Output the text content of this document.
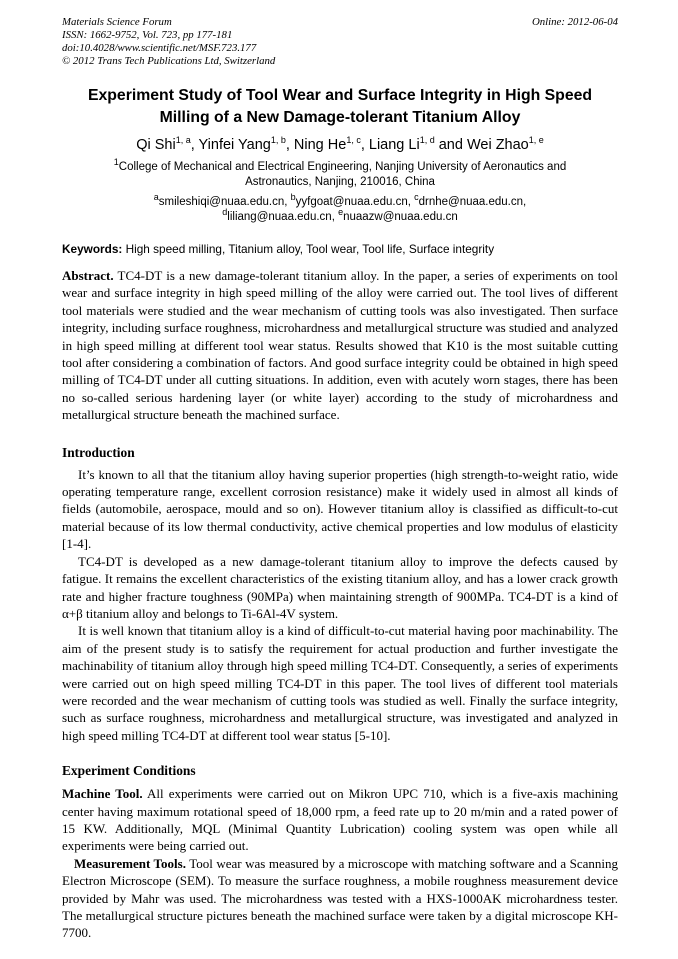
Materials Science Forum
ISSN: 1662-9752, Vol. 723, pp 177-181
doi:10.4028/www.scientific.net/MSF.723.177
© 2012 Trans Tech Publications Ltd, Switzerland
Online: 2012-06-04
Experiment Study of Tool Wear and Surface Integrity in High Speed Milling of a New Damage-tolerant Titanium Alloy
Qi Shi$^{1, a}$, Yinfei Yang$^{1, b}$, Ning He$^{1, c}$, Liang Li$^{1, d}$ and Wei Zhao$^{1, e}$
$^1$College of Mechanical and Electrical Engineering, Nanjing University of Aeronautics and Astronautics, Nanjing, 210016, China
$^a$smileshiqi@nuaa.edu.cn, $^b$yyfgoat@nuaa.edu.cn, $^c$drnhe@nuaa.edu.cn,
$^d$liliang@nuaa.edu.cn, $^e$nuaazw@nuaa.edu.cn
Keywords: High speed milling, Titanium alloy, Tool wear, Tool life, Surface integrity

Abstract. TC4-DT is a new damage-tolerant titanium alloy. In the paper, a series of experiments on tool wear and surface integrity in high speed milling of the alloy were carried out. The tool lives of different tool materials were studied and the wear mechanism of cutting tools was also investigated. Then surface integrity, including surface roughness, microhardness and metallurgical structure was studied and analyzed in high speed milling at different tool wear status. Results showed that K10 is the most suitable cutting tool after considering a combination of factors. And good surface integrity could be obtained in high speed milling of TC4-DT under all cutting situations. In addition, even with acutely worn stages, there has been no so-called serious hardening layer (or white layer) according to the study of microhardness and metallurgical structure beneath the machined surface.

Introduction

It’s known to all that the titanium alloy having superior properties (high strength-to-weight ratio, wide operating temperature range, excellent corrosion resistance) make it widely used in almost all kinds of fields (automobile, aerospace, mould and so on). However titanium alloy is classified as difficult-to-cut material because of its low thermal conductivity, active chemical properties and low modulus of elasticity [1-4].

TC4-DT is developed as a new damage-tolerant titanium alloy to improve the defects caused by fatigue. It remains the excellent characteristics of the existing titanium alloy, and has a lower crack growth rate and higher fracture toughness (90MPa) when maintaining strength of 900MPa. TC4-DT is a kind of α+β titanium alloy and belongs to Ti-6Al-4V system.

It is well known that titanium alloy is a kind of difficult-to-cut material having poor machinability. The aim of the present study is to satisfy the requirement for actual production and further investigate the machinability of titanium alloy through high speed milling TC4-DT. Consequently, a series of experiments were carried out on high speed milling TC4-DT in this paper. The tool lives of different tool materials were recorded and the wear mechanism of cutting tools was studied as well. Finally the surface integrity, such as surface roughness, microhardness and metallurgical structure, was investigated and analyzed in high speed milling TC4-DT at different tool wear status [5-10].

Experiment Conditions

Machine Tool. All experiments were carried out on Mikron UPC 710, which is a five-axis machining center having maximum rotational speed of 18,000 rpm, a feed rate up to 20 m/min and a rated power of 15 KW. Additionally, MQL (Minimal Quantity Lubrication) cooling system was open while all experiments were being carried out.

Measurement Tools. Tool wear was measured by a microscope with matching software and a Scanning Electron Microscope (SEM). To measure the surface roughness, a mobile roughness measurement device provided by Mahr was used. The microhardness was tested with a HXS-1000AK microhardness tester. The metallurgical structure pictures beneath the machined surface were taken by a digital microscope KH-7700.
